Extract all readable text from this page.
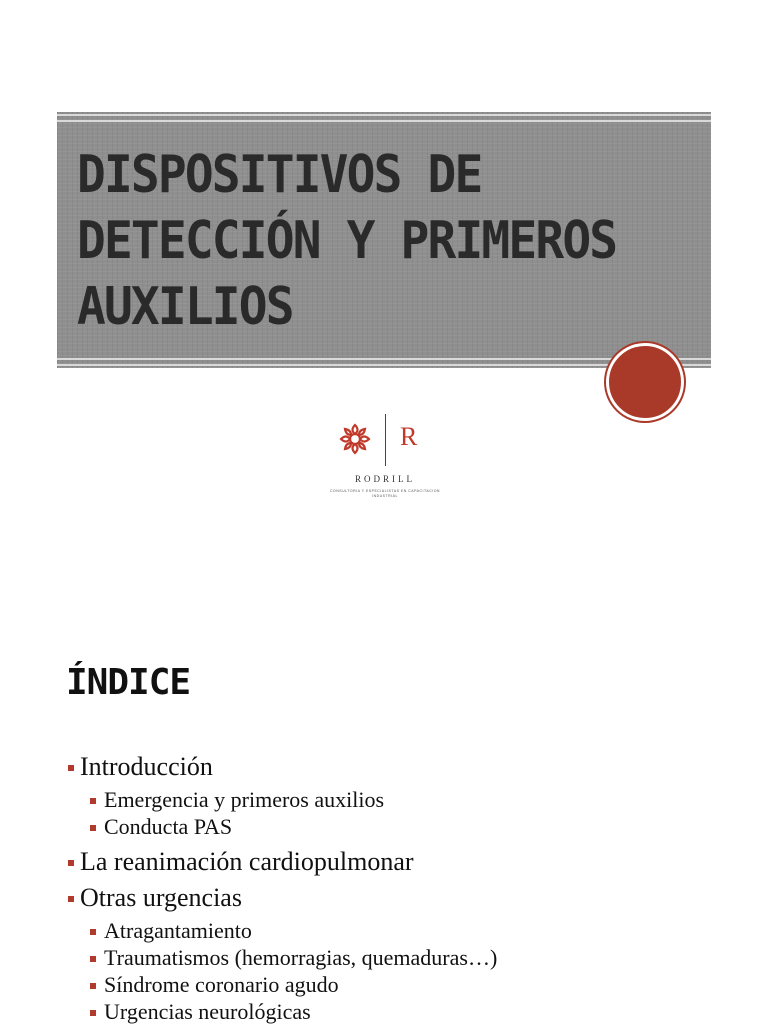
DISPOSITIVOS DE
DETECCIÓN Y PRIMEROS
AUXILIOS
R
RODRILL
CONSULTORIA Y ESPECIALISTAS EN CAPACITACION INDUSTRIAL
ÍNDICE
Introducción
Emergencia y primeros auxilios
Conducta PAS
La reanimación cardiopulmonar
Otras urgencias
Atragantamiento
Traumatismos (hemorragias, quemaduras…)
Síndrome coronario agudo
Urgencias neurológicas
